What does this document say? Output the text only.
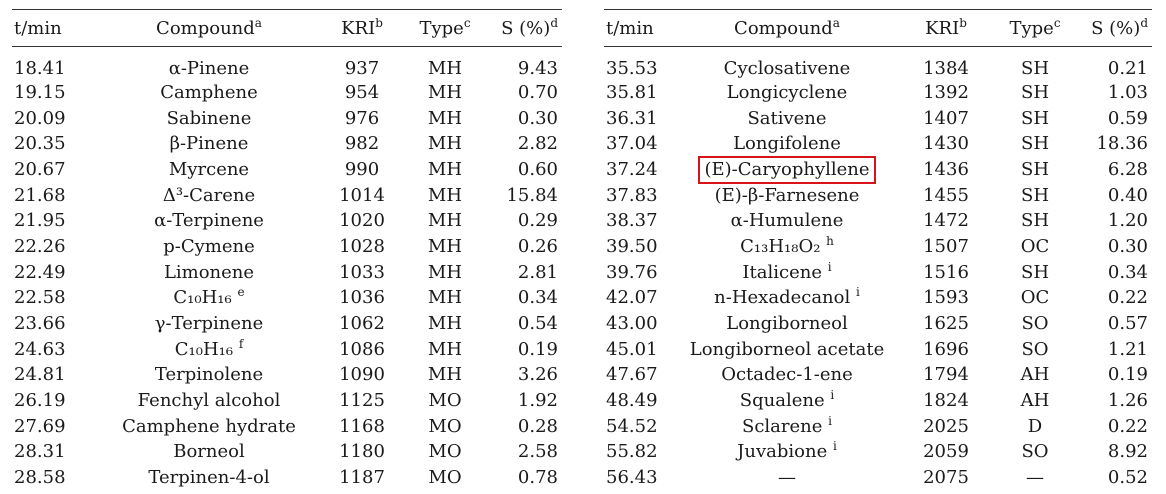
t/min	Compound$^a$	KRI$^b$	Type$^c$	S (%)$^d$
18.41	α-Pinene	937	MH	9.43
19.15	Camphene	954	MH	0.70
20.09	Sabinene	976	MH	0.30
20.35	β-Pinene	982	MH	2.82
20.67	Myrcene	990	MH	0.60
21.68	Δ³-Carene	1014	MH	15.84
21.95	α-Terpinene	1020	MH	0.29
22.26	p-Cymene	1028	MH	0.26
22.49	Limonene	1033	MH	2.81
22.58	C₁₀H₁₆ $^e$	1036	MH	0.34
23.66	γ-Terpinene	1062	MH	0.54
24.63	C₁₀H₁₆ $^f$	1086	MH	0.19
24.81	Terpinolene	1090	MH	3.26
26.19	Fenchyl alcohol	1125	MO	1.92
27.69	Camphene hydrate	1168	MO	0.28
28.31	Borneol	1180	MO	2.58
28.58	Terpinen-4-ol	1187	MO	0.78
t/min	Compound$^a$	KRI$^b$	Type$^c$	S (%)$^d$
35.53	Cyclosativene	1384	SH	0.21
35.81	Longicyclene	1392	SH	1.03
36.31	Sativene	1407	SH	0.59
37.04	Longifolene	1430	SH	18.36
37.24	(E)-Caryophyllene	1436	SH	6.28
37.83	(E)-β-Farnesene	1455	SH	0.40
38.37	α-Humulene	1472	SH	1.20
39.50	C₁₃H₁₈O₂ $^h$	1507	OC	0.30
39.76	Italicene $^i$	1516	SH	0.34
42.07	n-Hexadecanol $^i$	1593	OC	0.22
43.00	Longiborneol	1625	SO	0.57
45.01	Longiborneol acetate	1696	SO	1.21
47.67	Octadec-1-ene	1794	AH	0.19
48.49	Squalene $^i$	1824	AH	1.26
54.52	Sclarene $^i$	2025	D	0.22
55.82	Juvabione $^i$	2059	SO	8.92
56.43	—	2075	—	0.52
